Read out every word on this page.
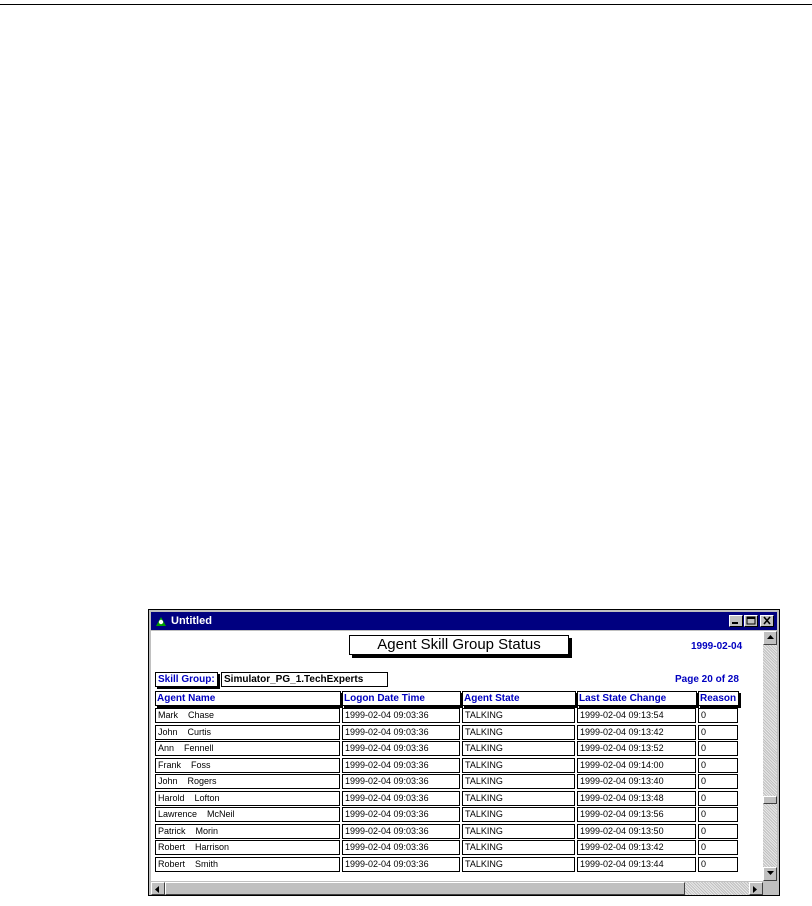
Untitled
Agent Skill Group Status	1999-02-04
Skill Group: Simulator_PG_1.TechExperts	Page 20 of 28
Agent Name	Logon Date Time	Agent State	Last State Change	Reason
Mark    Chase	1999-02-04 09:03:36	TALKING	1999-02-04 09:13:54	0
John    Curtis	1999-02-04 09:03:36	TALKING	1999-02-04 09:13:42	0
Ann    Fennell	1999-02-04 09:03:36	TALKING	1999-02-04 09:13:52	0
Frank    Foss	1999-02-04 09:03:36	TALKING	1999-02-04 09:14:00	0
John    Rogers	1999-02-04 09:03:36	TALKING	1999-02-04 09:13:40	0
Harold    Lofton	1999-02-04 09:03:36	TALKING	1999-02-04 09:13:48	0
Lawrence    McNeil	1999-02-04 09:03:36	TALKING	1999-02-04 09:13:56	0
Patrick    Morin	1999-02-04 09:03:36	TALKING	1999-02-04 09:13:50	0
Robert    Harrison	1999-02-04 09:03:36	TALKING	1999-02-04 09:13:42	0
Robert    Smith	1999-02-04 09:03:36	TALKING	1999-02-04 09:13:44	0
